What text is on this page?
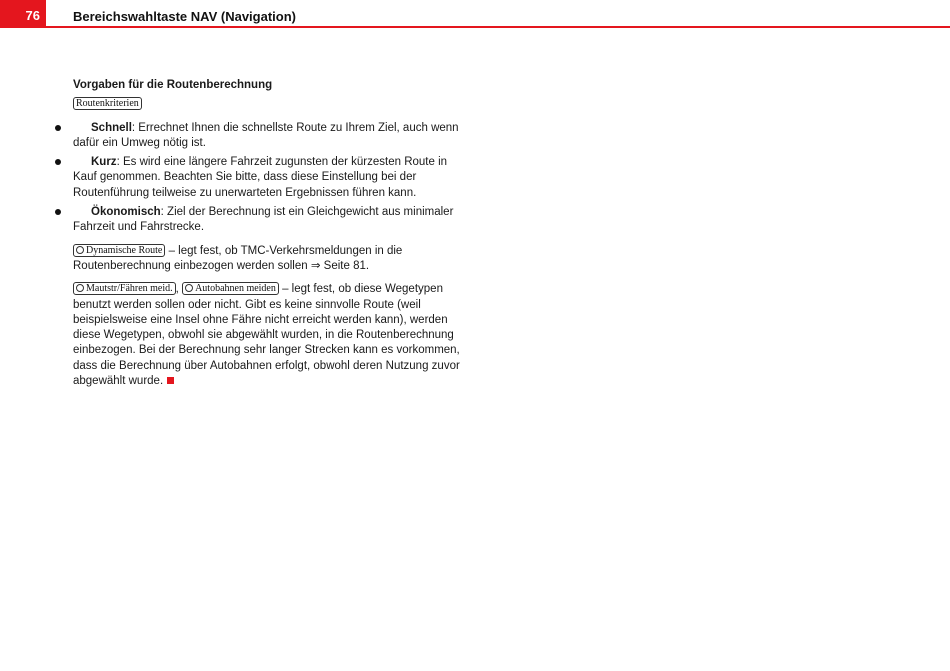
76	Bereichswahltaste NAV (Navigation)
Vorgaben für die Routenberechnung
Routenkriterien
Schnell: Errechnet Ihnen die schnellste Route zu Ihrem Ziel, auch wenn dafür ein Umweg nötig ist.
Kurz: Es wird eine längere Fahrzeit zugunsten der kürzesten Route in Kauf genommen. Beachten Sie bitte, dass diese Einstellung bei der Routenführung teilweise zu unerwarteten Ergebnissen führen kann.
Ökonomisch: Ziel der Berechnung ist ein Gleichgewicht aus minimaler Fahrzeit und Fahrstrecke.

Dynamische Route – legt fest, ob TMC-Verkehrsmeldungen in die Routenberechnung einbezogen werden sollen ⇒ Seite 81.

Mautstr/Fähren meid. , Autobahnen meiden – legt fest, ob diese Wegetypen benutzt werden sollen oder nicht. Gibt es keine sinnvolle Route (weil beispielsweise eine Insel ohne Fähre nicht erreicht werden kann), werden diese Wegetypen, obwohl sie abgewählt wurden, in die Routenberechnung einbezogen. Bei der Berechnung sehr langer Strecken kann es vorkommen, dass die Berechnung über Autobahnen erfolgt, obwohl deren Nutzung zuvor abgewählt wurde.
